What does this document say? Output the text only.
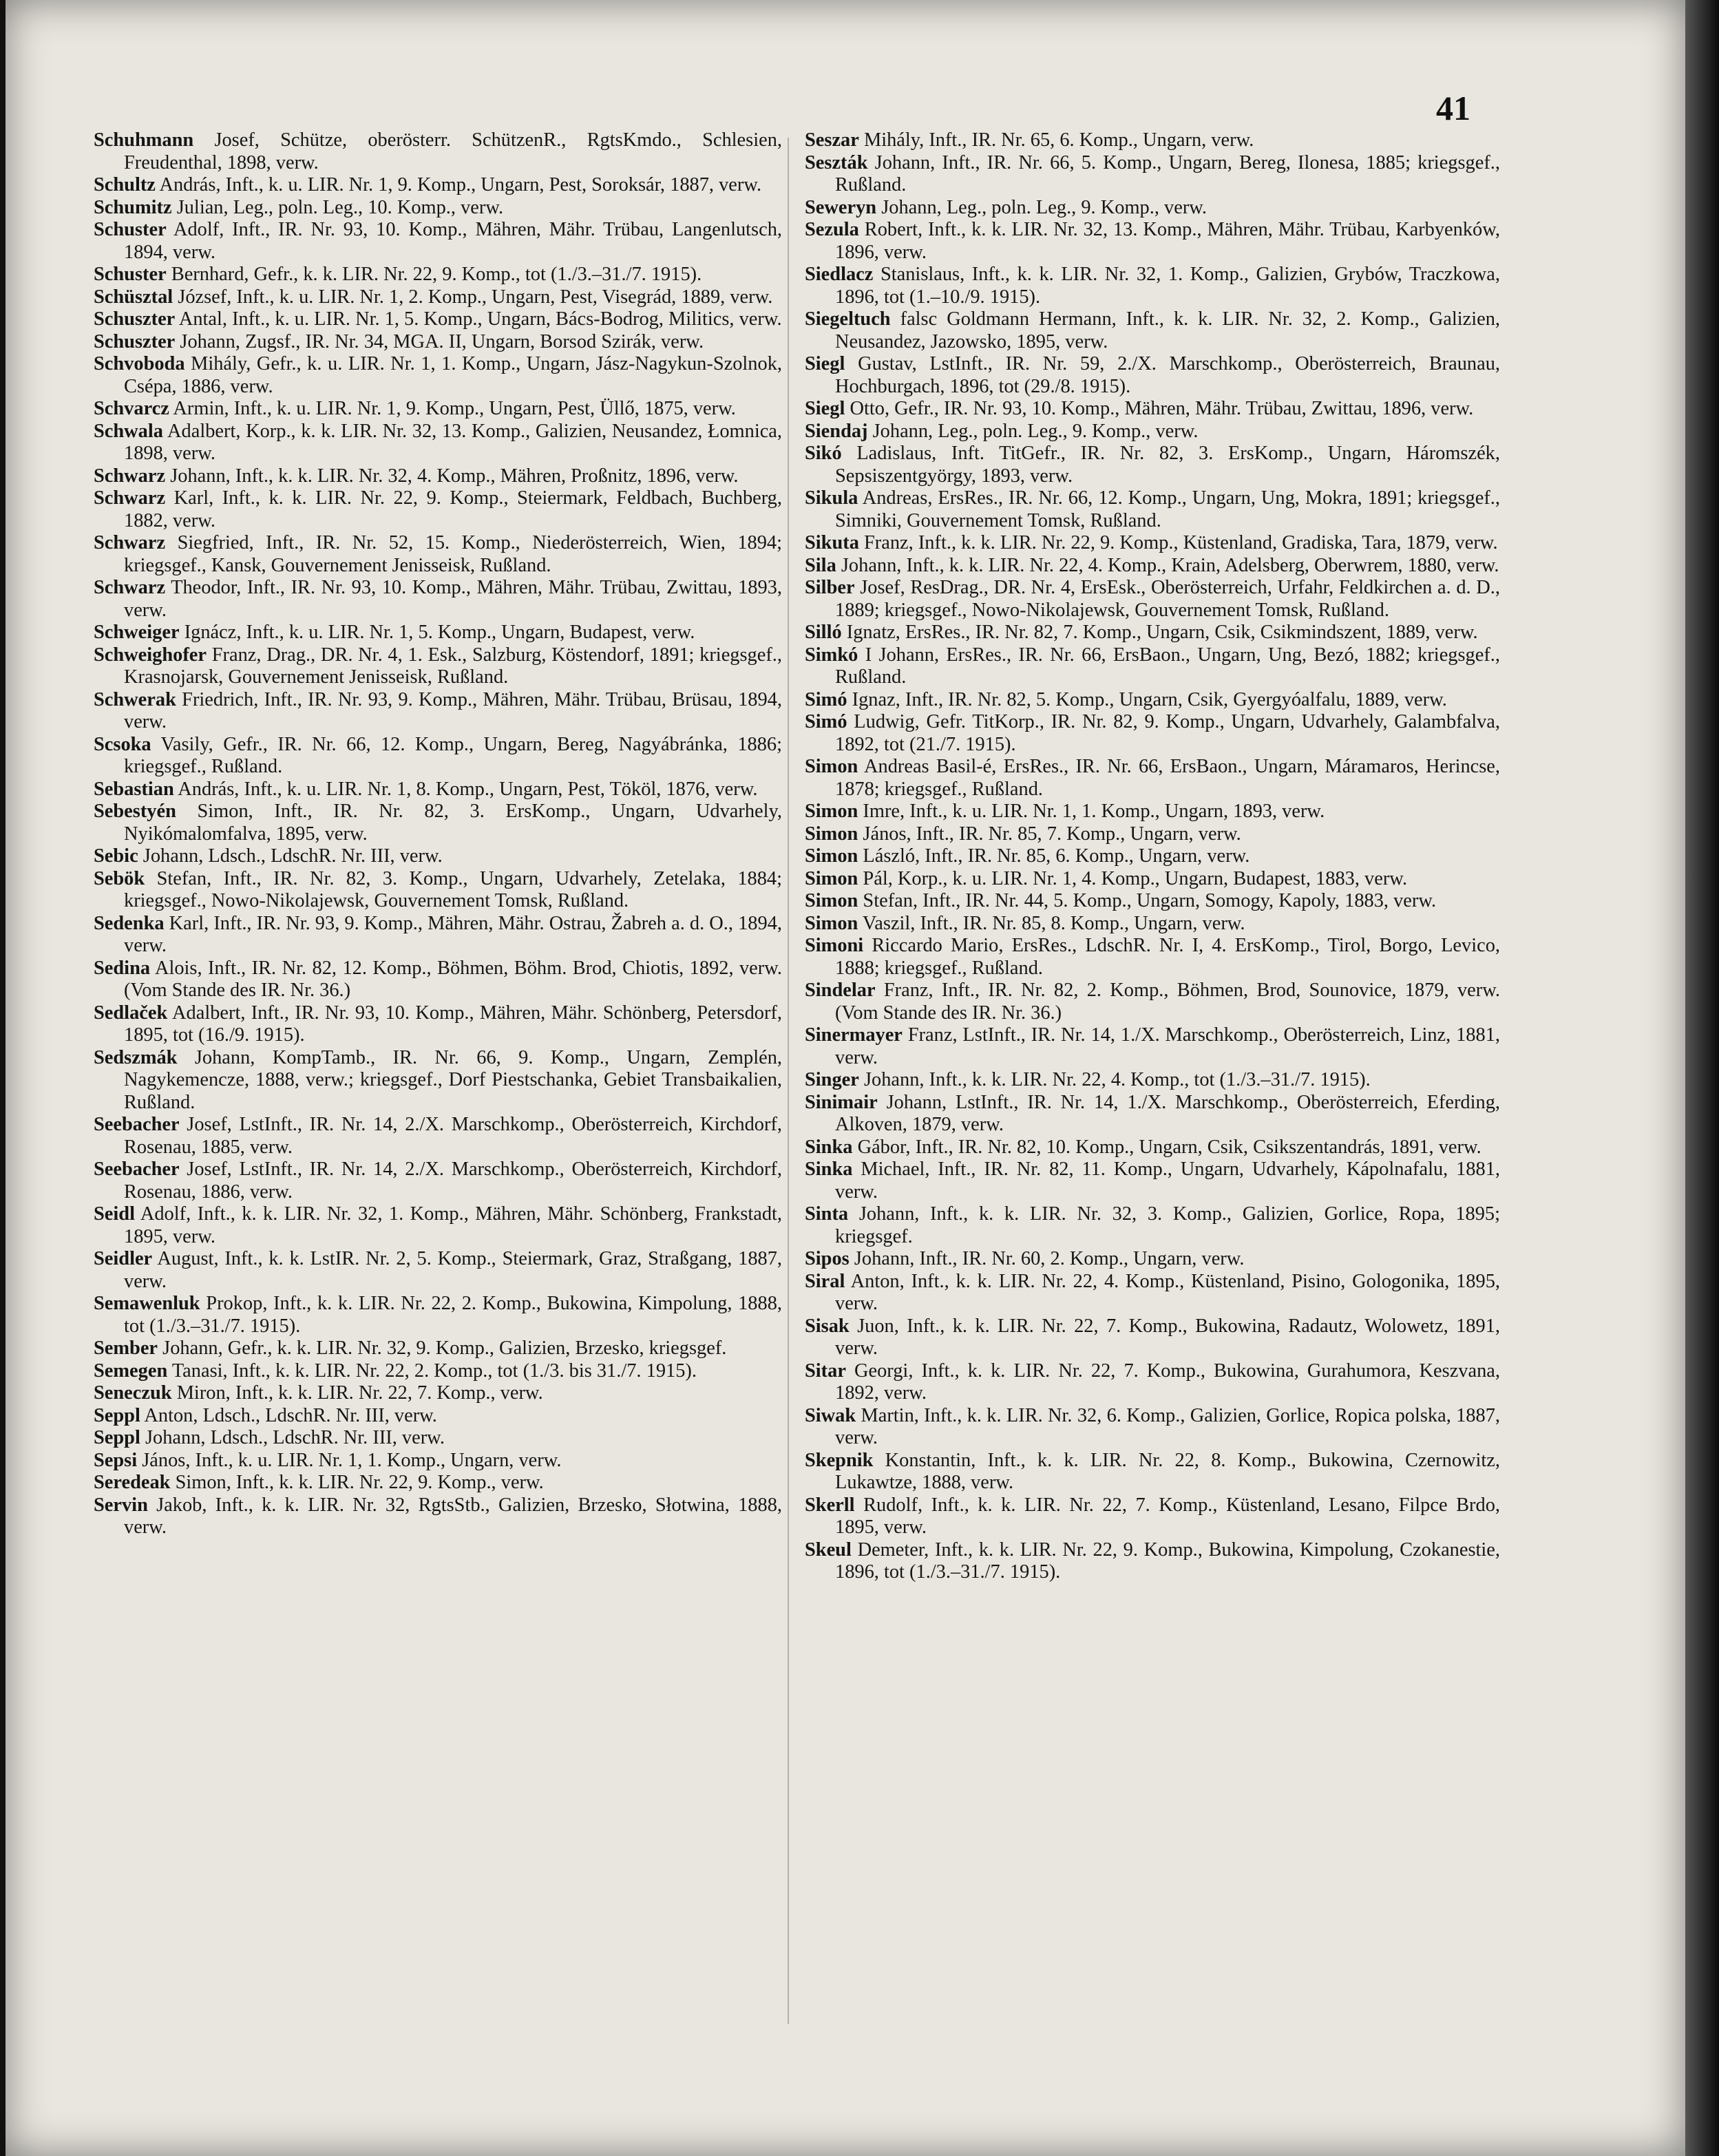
41

Schuhmann Josef, Schütze, oberösterr. SchützenR., RgtsKmdo., Schlesien, Freudenthal, 1898, verw.

Schultz András, Inft., k. u. LIR. Nr. 1, 9. Komp., Ungarn, Pest, Soroksár, 1887, verw.

Schumitz Julian, Leg., poln. Leg., 10. Komp., verw.

Schuster Adolf, Inft., IR. Nr. 93, 10. Komp., Mähren, Mähr. Trübau, Langenlutsch, 1894, verw.

Schuster Bernhard, Gefr., k. k. LIR. Nr. 22, 9. Komp., tot (1./3.–31./7. 1915).

Schüsztal József, Inft., k. u. LIR. Nr. 1, 2. Komp., Ungarn, Pest, Visegrád, 1889, verw.

Schuszter Antal, Inft., k. u. LIR. Nr. 1, 5. Komp., Ungarn, Bács-Bodrog, Militics, verw.

Schuszter Johann, Zugsf., IR. Nr. 34, MGA. II, Ungarn, Borsod Szirák, verw.

Schvoboda Mihály, Gefr., k. u. LIR. Nr. 1, 1. Komp., Ungarn, Jász-Nagykun-Szolnok, Csépa, 1886, verw.

Schvarcz Armin, Inft., k. u. LIR. Nr. 1, 9. Komp., Ungarn, Pest, Üllő, 1875, verw.

Schwala Adalbert, Korp., k. k. LIR. Nr. 32, 13. Komp., Galizien, Neusandez, Łomnica, 1898, verw.

Schwarz Johann, Inft., k. k. LIR. Nr. 32, 4. Komp., Mähren, Proßnitz, 1896, verw.

Schwarz Karl, Inft., k. k. LIR. Nr. 22, 9. Komp., Steiermark, Feldbach, Buchberg, 1882, verw.

Schwarz Siegfried, Inft., IR. Nr. 52, 15. Komp., Niederösterreich, Wien, 1894; kriegsgef., Kansk, Gouvernement Jenisseisk, Rußland.

Schwarz Theodor, Inft., IR. Nr. 93, 10. Komp., Mähren, Mähr. Trübau, Zwittau, 1893, verw.

Schweiger Ignácz, Inft., k. u. LIR. Nr. 1, 5. Komp., Ungarn, Budapest, verw.

Schweighofer Franz, Drag., DR. Nr. 4, 1. Esk., Salzburg, Köstendorf, 1891; kriegsgef., Krasnojarsk, Gouvernement Jenisseisk, Rußland.

Schwerak Friedrich, Inft., IR. Nr. 93, 9. Komp., Mähren, Mähr. Trübau, Brüsau, 1894, verw.

Scsoka Vasily, Gefr., IR. Nr. 66, 12. Komp., Ungarn, Bereg, Nagyábránka, 1886; kriegsgef., Rußland.

Sebastian András, Inft., k. u. LIR. Nr. 1, 8. Komp., Ungarn, Pest, Tököl, 1876, verw.

Sebestyén Simon, Inft., IR. Nr. 82, 3. ErsKomp., Ungarn, Udvarhely, Nyikómalomfalva, 1895, verw.

Sebic Johann, Ldsch., LdschR. Nr. III, verw.

Sebök Stefan, Inft., IR. Nr. 82, 3. Komp., Ungarn, Udvarhely, Zetelaka, 1884; kriegsgef., Nowo-Nikolajewsk, Gouvernement Tomsk, Rußland.

Sedenka Karl, Inft., IR. Nr. 93, 9. Komp., Mähren, Mähr. Ostrau, Žabreh a. d. O., 1894, verw.

Sedina Alois, Inft., IR. Nr. 82, 12. Komp., Böhmen, Böhm. Brod, Chiotis, 1892, verw. (Vom Stande des IR. Nr. 36.)

Sedlaček Adalbert, Inft., IR. Nr. 93, 10. Komp., Mähren, Mähr. Schönberg, Petersdorf, 1895, tot (16./9. 1915).

Sedszmák Johann, KompTamb., IR. Nr. 66, 9. Komp., Ungarn, Zemplén, Nagykemencze, 1888, verw.; kriegsgef., Dorf Piestschanka, Gebiet Transbaikalien, Rußland.

Seebacher Josef, LstInft., IR. Nr. 14, 2./X. Marschkomp., Oberösterreich, Kirchdorf, Rosenau, 1885, verw.

Seebacher Josef, LstInft., IR. Nr. 14, 2./X. Marschkomp., Oberösterreich, Kirchdorf, Rosenau, 1886, verw.

Seidl Adolf, Inft., k. k. LIR. Nr. 32, 1. Komp., Mähren, Mähr. Schönberg, Frankstadt, 1895, verw.

Seidler August, Inft., k. k. LstIR. Nr. 2, 5. Komp., Steiermark, Graz, Straßgang, 1887, verw.

Semawenluk Prokop, Inft., k. k. LIR. Nr. 22, 2. Komp., Bukowina, Kimpolung, 1888, tot (1./3.–31./7. 1915).

Sember Johann, Gefr., k. k. LIR. Nr. 32, 9. Komp., Galizien, Brzesko, kriegsgef.

Semegen Tanasi, Inft., k. k. LIR. Nr. 22, 2. Komp., tot (1./3. bis 31./7. 1915).

Seneczuk Miron, Inft., k. k. LIR. Nr. 22, 7. Komp., verw.

Seppl Anton, Ldsch., LdschR. Nr. III, verw.

Seppl Johann, Ldsch., LdschR. Nr. III, verw.

Sepsi János, Inft., k. u. LIR. Nr. 1, 1. Komp., Ungarn, verw.

Seredeak Simon, Inft., k. k. LIR. Nr. 22, 9. Komp., verw.

Servin Jakob, Inft., k. k. LIR. Nr. 32, RgtsStb., Galizien, Brzesko, Słotwina, 1888, verw.

Seszar Mihály, Inft., IR. Nr. 65, 6. Komp., Ungarn, verw.

Seszták Johann, Inft., IR. Nr. 66, 5. Komp., Ungarn, Bereg, Ilonesa, 1885; kriegsgef., Rußland.

Seweryn Johann, Leg., poln. Leg., 9. Komp., verw.

Sezula Robert, Inft., k. k. LIR. Nr. 32, 13. Komp., Mähren, Mähr. Trübau, Karbyenków, 1896, verw.

Siedlacz Stanislaus, Inft., k. k. LIR. Nr. 32, 1. Komp., Galizien, Grybów, Traczkowa, 1896, tot (1.–10./9. 1915).

Siegeltuch falsc Goldmann Hermann, Inft., k. k. LIR. Nr. 32, 2. Komp., Galizien, Neusandez, Jazowsko, 1895, verw.

Siegl Gustav, LstInft., IR. Nr. 59, 2./X. Marschkomp., Oberösterreich, Braunau, Hochburgach, 1896, tot (29./8. 1915).

Siegl Otto, Gefr., IR. Nr. 93, 10. Komp., Mähren, Mähr. Trübau, Zwittau, 1896, verw.

Siendaj Johann, Leg., poln. Leg., 9. Komp., verw.

Sikó Ladislaus, Inft. TitGefr., IR. Nr. 82, 3. ErsKomp., Ungarn, Háromszék, Sepsiszentgyörgy, 1893, verw.

Sikula Andreas, ErsRes., IR. Nr. 66, 12. Komp., Ungarn, Ung, Mokra, 1891; kriegsgef., Simniki, Gouvernement Tomsk, Rußland.

Sikuta Franz, Inft., k. k. LIR. Nr. 22, 9. Komp., Küstenland, Gradiska, Tara, 1879, verw.

Sila Johann, Inft., k. k. LIR. Nr. 22, 4. Komp., Krain, Adelsberg, Oberwrem, 1880, verw.

Silber Josef, ResDrag., DR. Nr. 4, ErsEsk., Oberösterreich, Urfahr, Feldkirchen a. d. D., 1889; kriegsgef., Nowo-Nikolajewsk, Gouvernement Tomsk, Rußland.

Silló Ignatz, ErsRes., IR. Nr. 82, 7. Komp., Ungarn, Csik, Csikmindszent, 1889, verw.

Simkó I Johann, ErsRes., IR. Nr. 66, ErsBaon., Ungarn, Ung, Bezó, 1882; kriegsgef., Rußland.

Simó Ignaz, Inft., IR. Nr. 82, 5. Komp., Ungarn, Csik, Gyergyóalfalu, 1889, verw.

Simó Ludwig, Gefr. TitKorp., IR. Nr. 82, 9. Komp., Ungarn, Udvarhely, Galambfalva, 1892, tot (21./7. 1915).

Simon Andreas Basil-é, ErsRes., IR. Nr. 66, ErsBaon., Ungarn, Máramaros, Herincse, 1878; kriegsgef., Rußland.

Simon Imre, Inft., k. u. LIR. Nr. 1, 1. Komp., Ungarn, 1893, verw.

Simon János, Inft., IR. Nr. 85, 7. Komp., Ungarn, verw.

Simon László, Inft., IR. Nr. 85, 6. Komp., Ungarn, verw.

Simon Pál, Korp., k. u. LIR. Nr. 1, 4. Komp., Ungarn, Budapest, 1883, verw.

Simon Stefan, Inft., IR. Nr. 44, 5. Komp., Ungarn, Somogy, Kapoly, 1883, verw.

Simon Vaszil, Inft., IR. Nr. 85, 8. Komp., Ungarn, verw.

Simoni Riccardo Mario, ErsRes., LdschR. Nr. I, 4. ErsKomp., Tirol, Borgo, Levico, 1888; kriegsgef., Rußland.

Sindelar Franz, Inft., IR. Nr. 82, 2. Komp., Böhmen, Brod, Sounovice, 1879, verw. (Vom Stande des IR. Nr. 36.)

Sinermayer Franz, LstInft., IR. Nr. 14, 1./X. Marschkomp., Oberösterreich, Linz, 1881, verw.

Singer Johann, Inft., k. k. LIR. Nr. 22, 4. Komp., tot (1./3.–31./7. 1915).

Sinimair Johann, LstInft., IR. Nr. 14, 1./X. Marschkomp., Oberösterreich, Eferding, Alkoven, 1879, verw.

Sinka Gábor, Inft., IR. Nr. 82, 10. Komp., Ungarn, Csik, Csikszentandrás, 1891, verw.

Sinka Michael, Inft., IR. Nr. 82, 11. Komp., Ungarn, Udvarhely, Kápolnafalu, 1881, verw.

Sinta Johann, Inft., k. k. LIR. Nr. 32, 3. Komp., Galizien, Gorlice, Ropa, 1895; kriegsgef.

Sipos Johann, Inft., IR. Nr. 60, 2. Komp., Ungarn, verw.

Siral Anton, Inft., k. k. LIR. Nr. 22, 4. Komp., Küstenland, Pisino, Gologonika, 1895, verw.

Sisak Juon, Inft., k. k. LIR. Nr. 22, 7. Komp., Bukowina, Radautz, Wolowetz, 1891, verw.

Sitar Georgi, Inft., k. k. LIR. Nr. 22, 7. Komp., Bukowina, Gurahumora, Keszvana, 1892, verw.

Siwak Martin, Inft., k. k. LIR. Nr. 32, 6. Komp., Galizien, Gorlice, Ropica polska, 1887, verw.

Skepnik Konstantin, Inft., k. k. LIR. Nr. 22, 8. Komp., Bukowina, Czernowitz, Lukawtze, 1888, verw.

Skerll Rudolf, Inft., k. k. LIR. Nr. 22, 7. Komp., Küstenland, Lesano, Filpce Brdo, 1895, verw.

Skeul Demeter, Inft., k. k. LIR. Nr. 22, 9. Komp., Bukowina, Kimpolung, Czokanestie, 1896, tot (1./3.–31./7. 1915).
